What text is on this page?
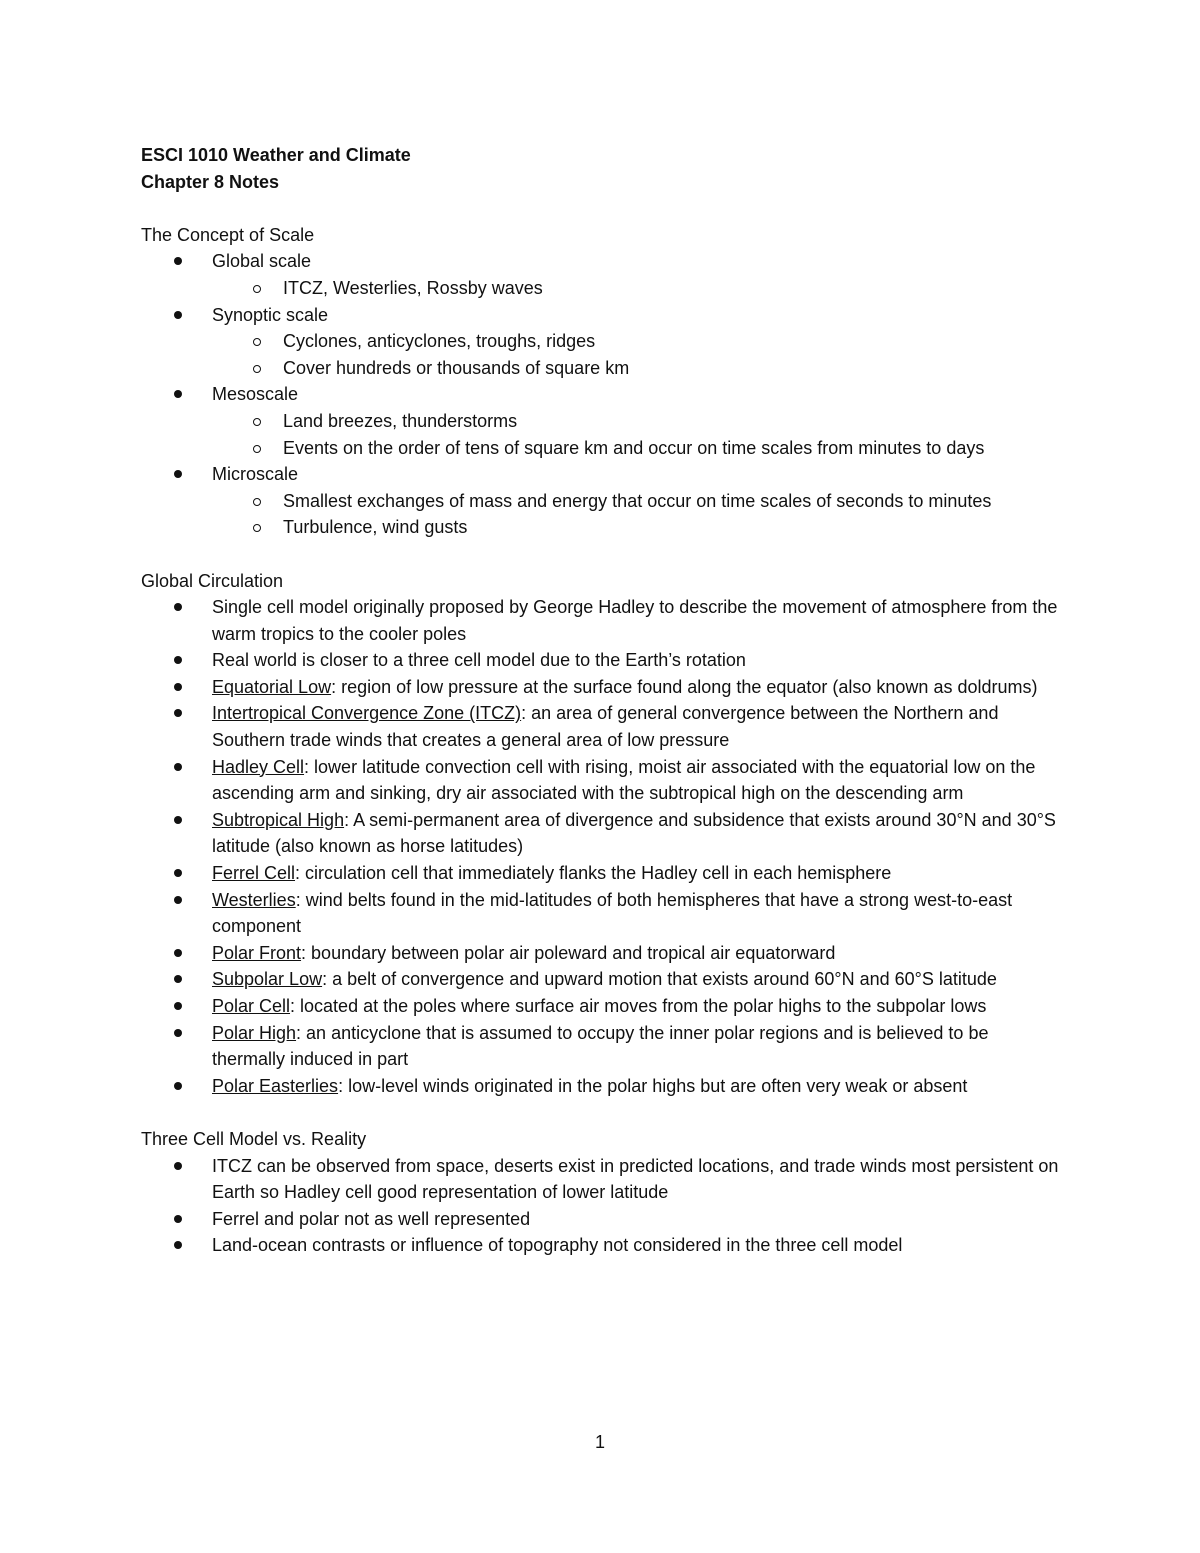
ESCI 1010 Weather and Climate

Chapter 8 Notes

The Concept of Scale

Global scale
ITCZ, Westerlies, Rossby waves
Synoptic scale
Cyclones, anticyclones, troughs, ridges
Cover hundreds or thousands of square km
Mesoscale
Land breezes, thunderstorms
Events on the order of tens of square km and occur on time scales from minutes to days
Microscale
Smallest exchanges of mass and energy that occur on time scales of seconds to minutes
Turbulence, wind gusts

Global Circulation

Single cell model originally proposed by George Hadley to describe the movement of atmosphere from the warm tropics to the cooler poles
Real world is closer to a three cell model due to the Earth’s rotation
Equatorial Low: region of low pressure at the surface found along the equator (also known as doldrums)
Intertropical Convergence Zone (ITCZ): an area of general convergence between the Northern and Southern trade winds that creates a general area of low pressure
Hadley Cell: lower latitude convection cell with rising, moist air associated with the equatorial low on the ascending arm and sinking, dry air associated with the subtropical high on the descending arm
Subtropical High: A semi-permanent area of divergence and subsidence that exists around 30°N and 30°S latitude (also known as horse latitudes)
Ferrel Cell: circulation cell that immediately flanks the Hadley cell in each hemisphere
Westerlies: wind belts found in the mid-latitudes of both hemispheres that have a strong west-to-east component
Polar Front: boundary between polar air poleward and tropical air equatorward
Subpolar Low: a belt of convergence and upward motion that exists around 60°N and 60°S latitude
Polar Cell: located at the poles where surface air moves from the polar highs to the subpolar lows
Polar High: an anticyclone that is assumed to occupy the inner polar regions and is believed to be thermally induced in part
Polar Easterlies: low-level winds originated in the polar highs but are often very weak or absent

Three Cell Model vs. Reality

ITCZ can be observed from space, deserts exist in predicted locations, and trade winds most persistent on Earth so Hadley cell good representation of lower latitude
Ferrel and polar not as well represented
Land-ocean contrasts or influence of topography not considered in the three cell model
1
